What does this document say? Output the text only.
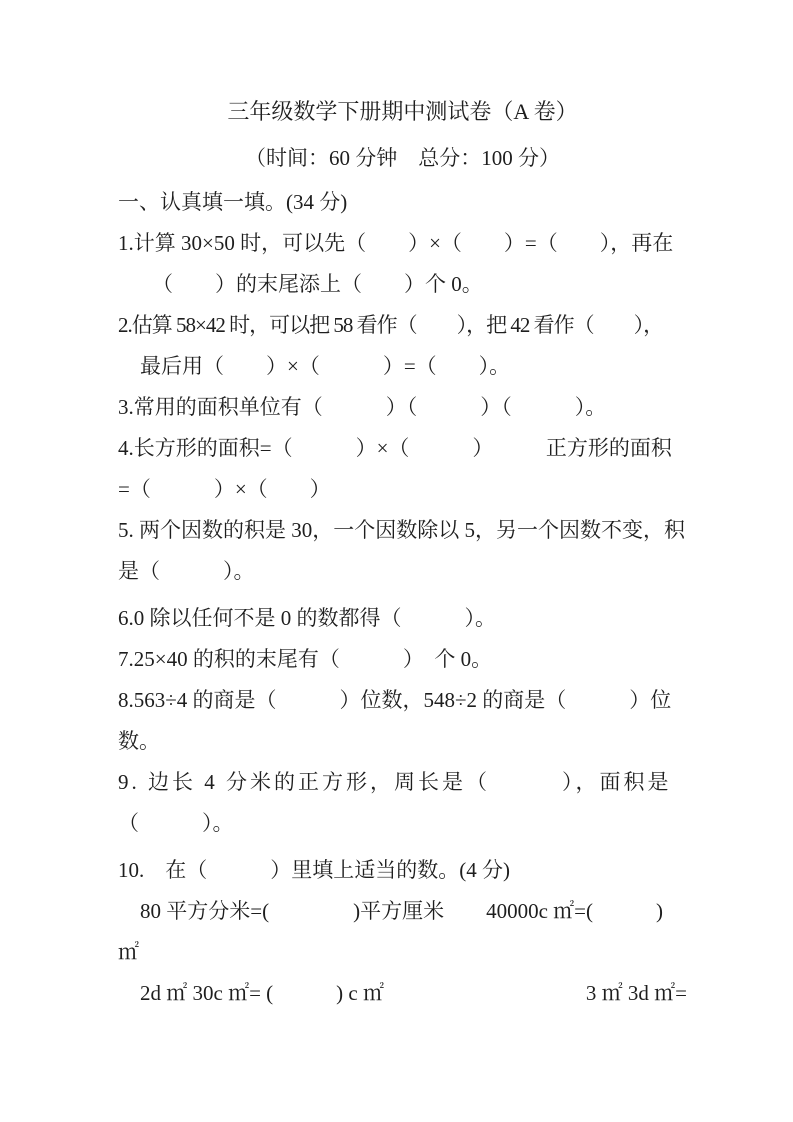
三年级数学下册期中测试卷（A 卷）
（时间：60 分钟　总分：100 分）
一、认真填一填。(34 分)
1.计算 30×50 时，可以先（　　）×（　　）=（　　），再在
（　　）的末尾添上（　　）个 0。
2.估算 58×42 时，可以把 58 看作（　　），把 42 看作（　　），
最后用（　　）×（　　　）=（　　）。
3.常用的面积单位有（　　　）（　　　）（　　　）。
4.长方形的面积=（　　　）×（　　　）　　　正方形的面积
=（　　　）×（　　）
5. 两个因数的积是 30，一个因数除以 5，另一个因数不变，积
是（　　　）。
6.0 除以任何不是 0 的数都得（　　　）。
7.25×40 的积的末尾有（　　　）　个 0。
8.563÷4 的商是（　　　）位数，548÷2 的商是（　　　）位
数。
9. 边长 4 分米的正方形，周长是（　　　），面积是
（　　　）。
10.　在（　　　）里填上适当的数。(4 分)
80 平方分米=(　　　　)平方厘米　　40000c ㎡=(　　　)
㎡
2d ㎡ 30c ㎡= (　　　) c ㎡	3 ㎡ 3d ㎡=
